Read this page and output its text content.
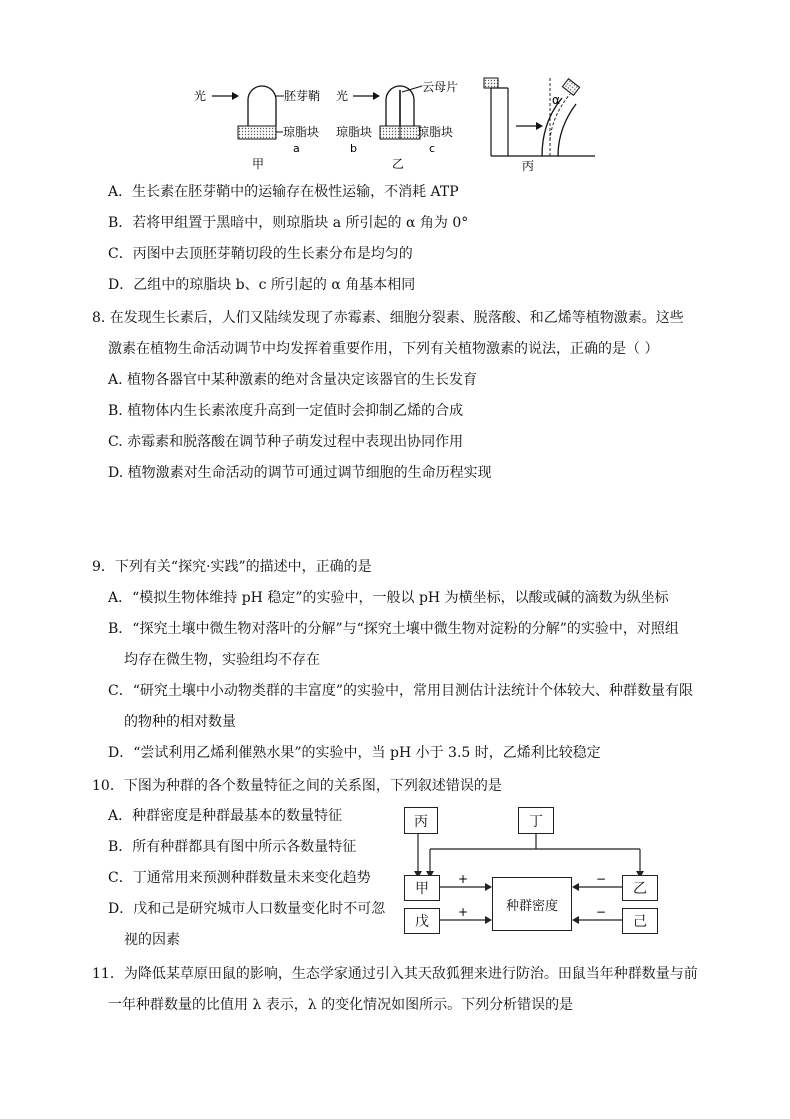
光	胚芽鞘
琼脂块
a
甲
光
云母片
琼脂块	琼脂块
b	c
乙
α
丙
A．生长素在胚芽鞘中的运输存在极性运输，不消耗 ATP
B．若将甲组置于黑暗中，则琼脂块 a 所引起的 α 角为 0°
C．丙图中去顶胚芽鞘切段的生长素分布是均匀的
D．乙组中的琼脂块 b、c 所引起的 α 角基本相同
8. 在发现生长素后，人们又陆续发现了赤霉素、细胞分裂素、脱落酸、和乙烯等植物激素。这些
激素在植物生命活动调节中均发挥着重要作用，下列有关植物激素的说法，正确的是（ ）
A. 植物各器官中某种激素的绝对含量决定该器官的生长发育
B. 植物体内生长素浓度升高到一定值时会抑制乙烯的合成
C. 赤霉素和脱落酸在调节种子萌发过程中表现出协同作用
D. 植物激素对生命活动的调节可通过调节细胞的生命历程实现
9．下列有关“探究·实践”的描述中，正确的是
A．“模拟生物体维持 pH 稳定”的实验中，一般以 pH 为横坐标，以酸或碱的滴数为纵坐标
B．“探究土壤中微生物对落叶的分解”与“探究土壤中微生物对淀粉的分解”的实验中，对照组
均存在微生物，实验组均不存在
C．“研究土壤中小动物类群的丰富度”的实验中，常用目测估计法统计个体较大、种群数量有限
的物种的相对数量
D．“尝试利用乙烯利催熟水果”的实验中，当 pH 小于 3.5 时，乙烯利比较稳定
10．下图为种群的各个数量特征之间的关系图，下列叙述错误的是
A．种群密度是种群最基本的数量特征
B．所有种群都具有图中所示各数量特征
C．丁通常用来预测种群数量未来变化趋势
D．戊和己是研究城市人口数量变化时不可忽
视的因素
+
+
−
−
丙	丁
甲	乙
戊	己
种群密度
11．为降低某草原田鼠的影响，生态学家通过引入其天敌狐狸来进行防治。田鼠当年种群数量与前
一年种群数量的比值用 λ 表示，λ 的变化情况如图所示。下列分析错误的是
